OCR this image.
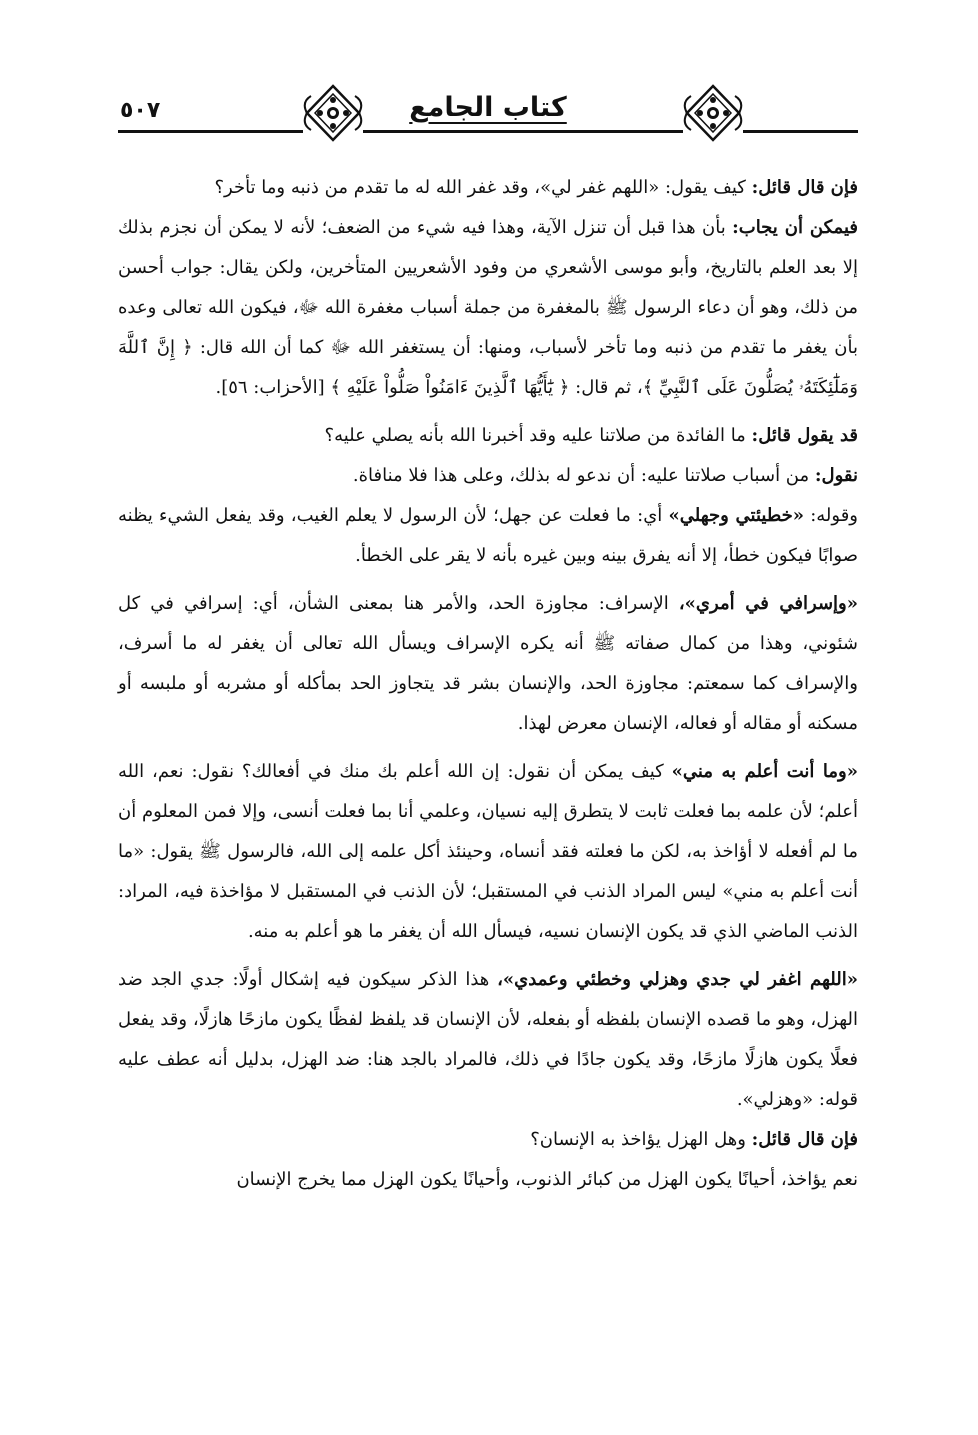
٥٠٧	كتاب الجامع

فإن قال قائل: كيف يقول: «اللهم غفر لي»، وقد غفر الله له ما تقدم من ذنبه وما تأخر؟

فيمكن أن يجاب: بأن هذا قبل أن تنزل الآية، وهذا فيه شيء من الضعف؛ لأنه لا يمكن أن نجزم بذلك إلا بعد العلم بالتاريخ، وأبو موسى الأشعري من وفود الأشعريين المتأخرين، ولكن يقال: جواب أحسن من ذلك، وهو أن دعاء الرسول ﷺ بالمغفرة من جملة أسباب مغفرة الله ﷻ، فيكون الله تعالى وعده بأن يغفر ما تقدم من ذنبه وما تأخر لأسباب، ومنها: أن يستغفر الله ﷻ كما أن الله قال: ﴿ إِنَّ ٱللَّهَ وَمَلَٰٓئِكَتَهُۥ يُصَلُّونَ عَلَى ٱلنَّبِيِّ ﴾، ثم قال: ﴿ يَٰٓأَيُّهَا ٱلَّذِينَ ءَامَنُواْ صَلُّواْ عَلَيْهِ ﴾ [الأحزاب: ٥٦].

قد يقول قائل: ما الفائدة من صلاتنا عليه وقد أخبرنا الله بأنه يصلي عليه؟

نقول: من أسباب صلاتنا عليه: أن ندعو له بذلك، وعلى هذا فلا منافاة.

وقوله: «خطيئتي وجهلي» أي: ما فعلت عن جهل؛ لأن الرسول لا يعلم الغيب، وقد يفعل الشيء يظنه صوابًا فيكون خطأ، إلا أنه يفرق بينه وبين غيره بأنه لا يقر على الخطأ.

«وإسرافي في أمري»، الإسراف: مجاوزة الحد، والأمر هنا بمعنى الشأن، أي: إسرافي في كل شئوني، وهذا من كمال صفاته ﷺ أنه يكره الإسراف ويسأل الله تعالى أن يغفر له ما أسرف، والإسراف كما سمعتم: مجاوزة الحد، والإنسان بشر قد يتجاوز الحد بمأكله أو مشربه أو ملبسه أو مسكنه أو مقاله أو فعاله، الإنسان معرض لهذا.

«وما أنت أعلم به مني» كيف يمكن أن نقول: إن الله أعلم بك منك في أفعالك؟ نقول: نعم، الله أعلم؛ لأن علمه بما فعلت ثابت لا يتطرق إليه نسيان، وعلمي أنا بما فعلت أنسى، وإلا فمن المعلوم أن ما لم أفعله لا أؤاخذ به، لكن ما فعلته فقد أنساه، وحينئذ أكل علمه إلى الله، فالرسول ﷺ يقول: «ما أنت أعلم به مني» ليس المراد الذنب في المستقبل؛ لأن الذنب في المستقبل لا مؤاخذة فيه، المراد: الذنب الماضي الذي قد يكون الإنسان نسيه، فيسأل الله أن يغفر ما هو أعلم به منه.

«اللهم اغفر لي جدي وهزلي وخطئي وعمدي»، هذا الذكر سيكون فيه إشكال أولًا: جدي الجد ضد الهزل، وهو ما قصده الإنسان بلفظه أو بفعله، لأن الإنسان قد يلفظ لفظًا يكون مازحًا هازلًا، وقد يفعل فعلًا يكون هازلًا مازحًا، وقد يكون جادًا في ذلك، فالمراد بالجد هنا: ضد الهزل، بدليل أنه عطف عليه قوله: «وهزلي».

فإن قال قائل: وهل الهزل يؤاخذ به الإنسان؟

نعم يؤاخذ، أحيانًا يكون الهزل من كبائر الذنوب، وأحيانًا يكون الهزل مما يخرج الإنسان
